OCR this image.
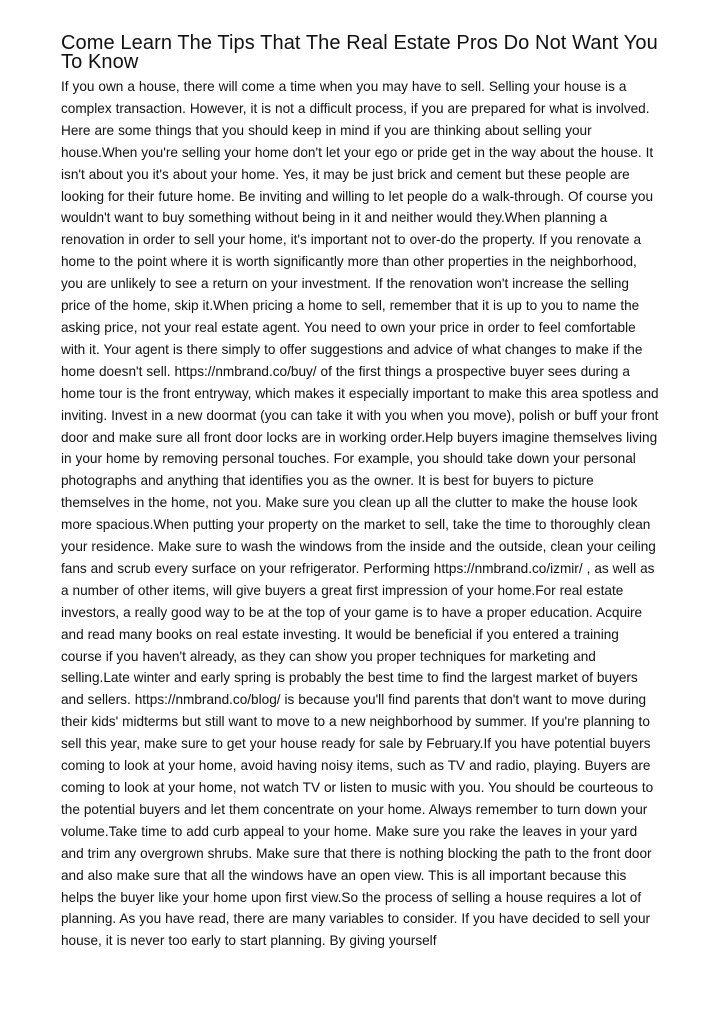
Come Learn The Tips That The Real Estate Pros Do Not Want You To Know

If you own a house, there will come a time when you may have to sell. Selling your house is a complex transaction. However, it is not a difficult process, if you are prepared for what is involved. Here are some things that you should keep in mind if you are thinking about selling your house.When you're selling your home don't let your ego or pride get in the way about the house. It isn't about you it's about your home. Yes, it may be just brick and cement but these people are looking for their future home. Be inviting and willing to let people do a walk-through. Of course you wouldn't want to buy something without being in it and neither would they.When planning a renovation in order to sell your home, it's important not to over-do the property. If you renovate a home to the point where it is worth significantly more than other properties in the neighborhood, you are unlikely to see a return on your investment. If the renovation won't increase the selling price of the home, skip it.When pricing a home to sell, remember that it is up to you to name the asking price, not your real estate agent. You need to own your price in order to feel comfortable with it. Your agent is there simply to offer suggestions and advice of what changes to make if the home doesn't sell. https://nmbrand.co/buy/ of the first things a prospective buyer sees during a home tour is the front entryway, which makes it especially important to make this area spotless and inviting. Invest in a new doormat (you can take it with you when you move), polish or buff your front door and make sure all front door locks are in working order.Help buyers imagine themselves living in your home by removing personal touches. For example, you should take down your personal photographs and anything that identifies you as the owner. It is best for buyers to picture themselves in the home, not you. Make sure you clean up all the clutter to make the house look more spacious.When putting your property on the market to sell, take the time to thoroughly clean your residence. Make sure to wash the windows from the inside and the outside, clean your ceiling fans and scrub every surface on your refrigerator. Performing https://nmbrand.co/izmir/ , as well as a number of other items, will give buyers a great first impression of your home.For real estate investors, a really good way to be at the top of your game is to have a proper education. Acquire and read many books on real estate investing. It would be beneficial if you entered a training course if you haven't already, as they can show you proper techniques for marketing and selling.Late winter and early spring is probably the best time to find the largest market of buyers and sellers. https://nmbrand.co/blog/ is because you'll find parents that don't want to move during their kids' midterms but still want to move to a new neighborhood by summer. If you're planning to sell this year, make sure to get your house ready for sale by February.If you have potential buyers coming to look at your home, avoid having noisy items, such as TV and radio, playing. Buyers are coming to look at your home, not watch TV or listen to music with you. You should be courteous to the potential buyers and let them concentrate on your home. Always remember to turn down your volume.Take time to add curb appeal to your home. Make sure you rake the leaves in your yard and trim any overgrown shrubs. Make sure that there is nothing blocking the path to the front door and also make sure that all the windows have an open view. This is all important because this helps the buyer like your home upon first view.So the process of selling a house requires a lot of planning. As you have read, there are many variables to consider. If you have decided to sell your house, it is never too early to start planning. By giving yourself
